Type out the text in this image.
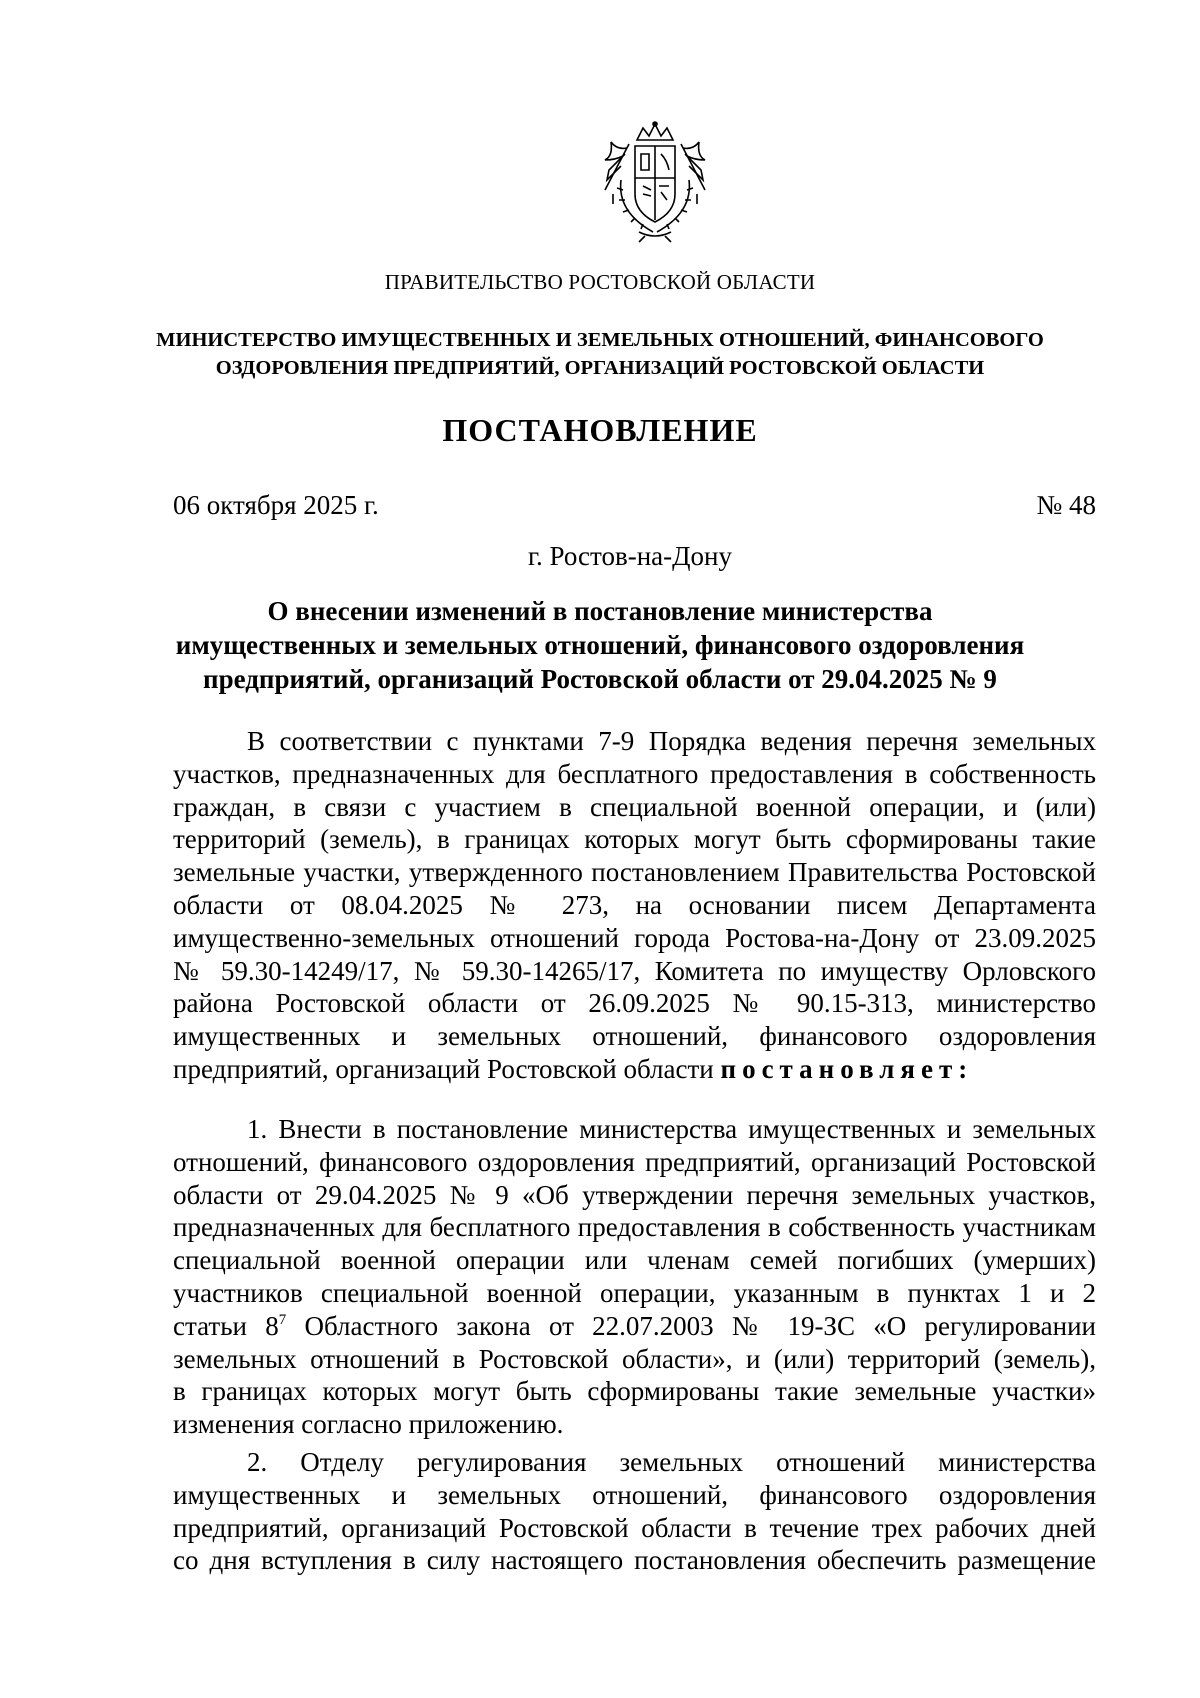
ПРАВИТЕЛЬСТВО РОСТОВСКОЙ ОБЛАСТИ
МИНИСТЕРСТВО ИМУЩЕСТВЕННЫХ И ЗЕМЕЛЬНЫХ ОТНОШЕНИЙ, ФИНАНСОВОГО
ОЗДОРОВЛЕНИЯ ПРЕДПРИЯТИЙ, ОРГАНИЗАЦИЙ РОСТОВСКОЙ ОБЛАСТИ
ПОСТАНОВЛЕНИЕ
06 октября 2025 г.	№ 48
г. Ростов-на-Дону
О внесении изменений в постановление министерства
имущественных и земельных отношений, финансового оздоровления
предприятий, организаций Ростовской области от 29.04.2025 № 9
В соответствии с пунктами 7-9 Порядка ведения перечня земельных
участков, предназначенных для бесплатного предоставления в собственность
граждан, в связи с участием в специальной военной операции, и (или)
территорий (земель), в границах которых могут быть сформированы такие
земельные участки, утвержденного постановлением Правительства Ростовской
области от 08.04.2025 № 273, на основании писем Департамента
имущественно-земельных отношений города Ростова-на-Дону от 23.09.2025
№ 59.30-14249/17, № 59.30-14265/17, Комитета по имуществу Орловского
района Ростовской области от 26.09.2025 № 90.15-313, министерство
имущественных и земельных отношений, финансового оздоровления
предприятий, организаций Ростовской области постановляет:
1. Внести в постановление министерства имущественных и земельных
отношений, финансового оздоровления предприятий, организаций Ростовской
области от 29.04.2025 № 9 «Об утверждении перечня земельных участков,
предназначенных для бесплатного предоставления в собственность участникам
специальной военной операции или членам семей погибших (умерших)
участников специальной военной операции, указанным в пунктах 1 и 2
статьи $8^7$ Областного закона от 22.07.2003 № 19-ЗС «О регулировании
земельных отношений в Ростовской области», и (или) территорий (земель),
в границах которых могут быть сформированы такие земельные участки»
изменения согласно приложению.
2. Отделу регулирования земельных отношений министерства
имущественных и земельных отношений, финансового оздоровления
предприятий, организаций Ростовской области в течение трех рабочих дней
со дня вступления в силу настоящего постановления обеспечить размещение
